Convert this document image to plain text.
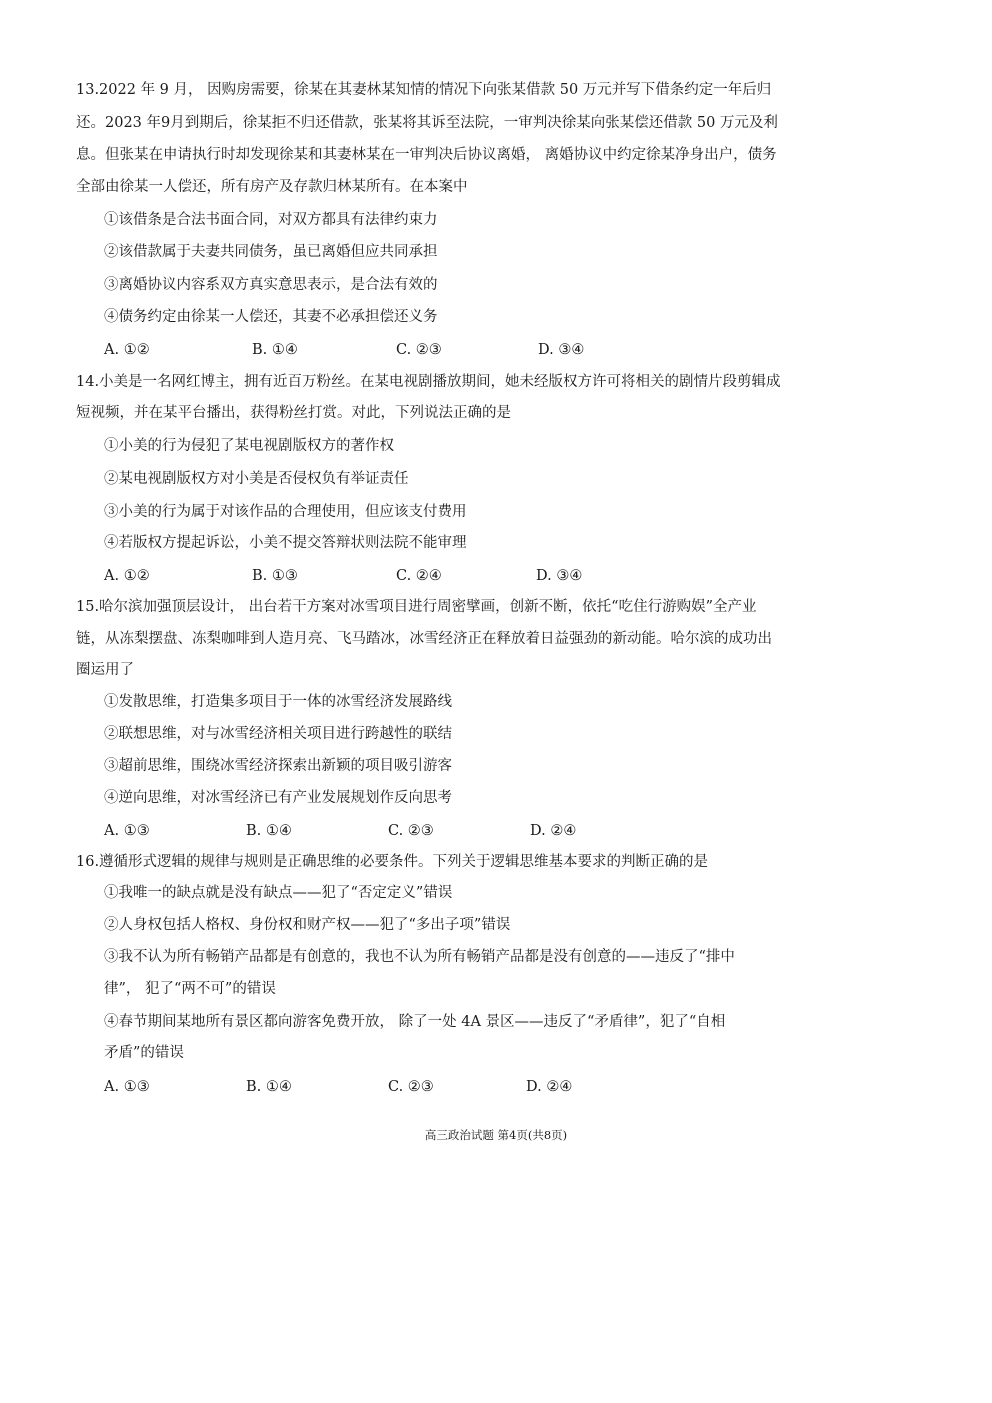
13.2022 年 9 月， 因购房需要，徐某在其妻林某知情的情况下向张某借款 50 万元并写下借条约定一年后归
还。2023 年9月到期后，徐某拒不归还借款，张某将其诉至法院，一审判决徐某向张某偿还借款 50 万元及利
息。但张某在申请执行时却发现徐某和其妻林某在一审判决后协议离婚， 离婚协议中约定徐某净身出户，债务
全部由徐某一人偿还，所有房产及存款归林某所有。在本案中
①该借条是合法书面合同，对双方都具有法律约束力
②该借款属于夫妻共同债务，虽已离婚但应共同承担
③离婚协议内容系双方真实意思表示，是合法有效的
④债务约定由徐某一人偿还，其妻不必承担偿还义务
A. ①②	B. ①④	C. ②③	D. ③④
14.小美是一名网红博主，拥有近百万粉丝。在某电视剧播放期间，她未经版权方许可将相关的剧情片段剪辑成
短视频，并在某平台播出，获得粉丝打赏。对此，下列说法正确的是
①小美的行为侵犯了某电视剧版权方的著作权
②某电视剧版权方对小美是否侵权负有举证责任
③小美的行为属于对该作品的合理使用，但应该支付费用
④若版权方提起诉讼，小美不提交答辩状则法院不能审理
A. ①②	B. ①③	C. ②④	D. ③④
15.哈尔滨加强顶层设计， 出台若干方案对冰雪项目进行周密擘画，创新不断，依托“吃住行游购娱”全产业
链，从冻梨摆盘、冻梨咖啡到人造月亮、飞马踏冰，冰雪经济正在释放着日益强劲的新动能。哈尔滨的成功出
圈运用了
①发散思维，打造集多项目于一体的冰雪经济发展路线
②联想思维，对与冰雪经济相关项目进行跨越性的联结
③超前思维，围绕冰雪经济探索出新颖的项目吸引游客
④逆向思维，对冰雪经济已有产业发展规划作反向思考
A. ①③	B. ①④	C. ②③	D. ②④
16.遵循形式逻辑的规律与规则是正确思维的必要条件。下列关于逻辑思维基本要求的判断正确的是
①我唯一的缺点就是没有缺点——犯了“否定定义”错误
②人身权包括人格权、身份权和财产权——犯了“多出子项”错误
③我不认为所有畅销产品都是有创意的，我也不认为所有畅销产品都是没有创意的——违反了“排中
律”， 犯了“两不可”的错误
④春节期间某地所有景区都向游客免费开放， 除了一处 4A 景区——违反了“矛盾律”，犯了“自相
矛盾”的错误
A. ①③	B. ①④	C. ②③	D. ②④
高三政治试题 第4页(共8页)
